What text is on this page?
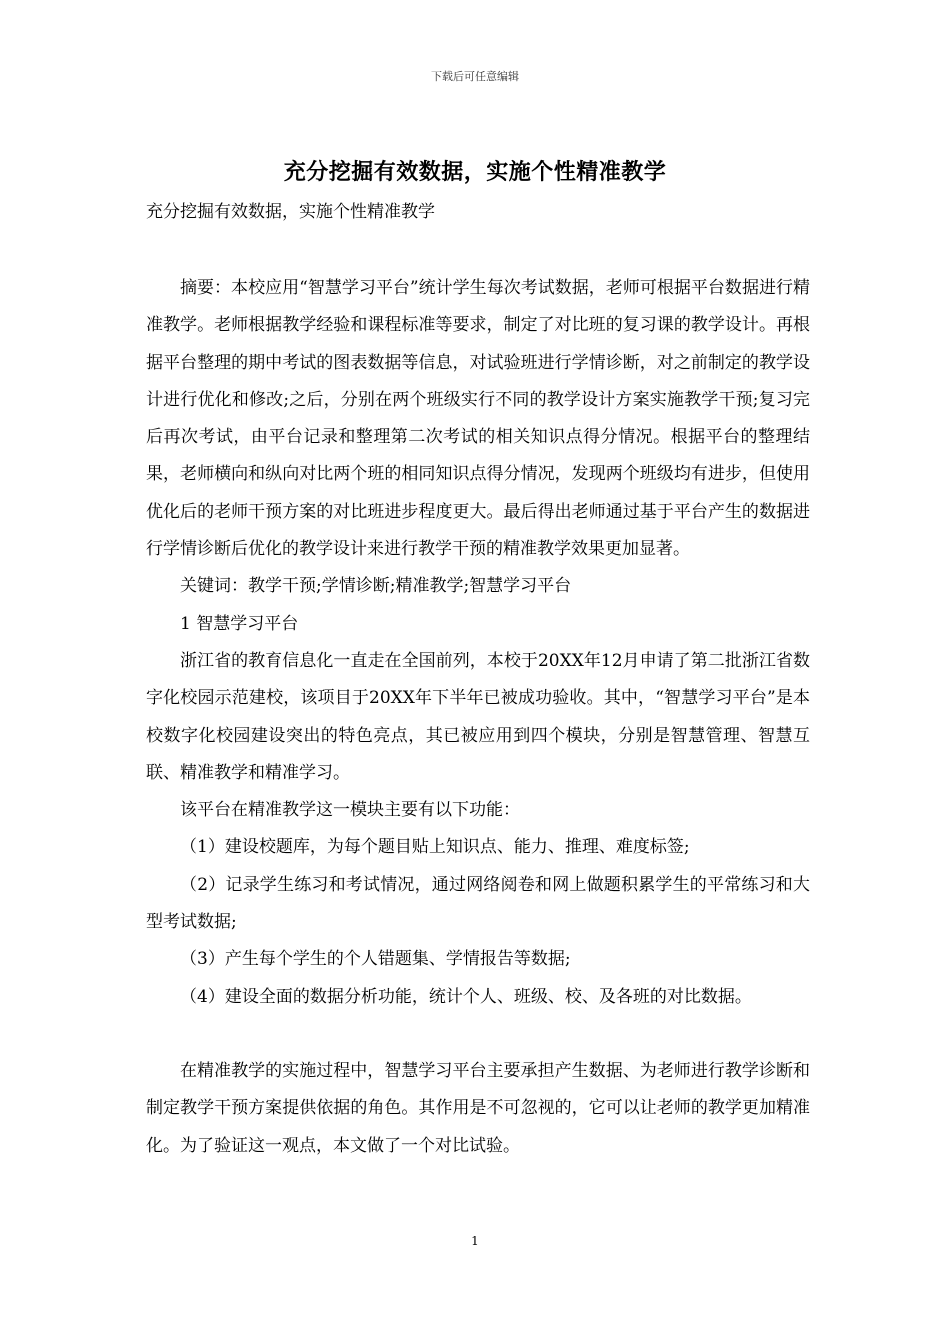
下载后可任意编辑
充分挖掘有效数据，实施个性精准教学
充分挖掘有效数据，实施个性精准教学

摘要：本校应用“智慧学习平台”统计学生每次考试数据，老师可根据平台数据进行精准教学。老师根据教学经验和课程标准等要求，制定了对比班的复习课的教学设计。再根据平台整理的期中考试的图表数据等信息，对试验班进行学情诊断，对之前制定的教学设计进行优化和修改;之后，分别在两个班级实行不同的教学设计方案实施教学干预;复习完后再次考试，由平台记录和整理第二次考试的相关知识点得分情况。根据平台的整理结果，老师横向和纵向对比两个班的相同知识点得分情况，发现两个班级均有进步，但使用优化后的老师干预方案的对比班进步程度更大。最后得出老师通过基于平台产生的数据进行学情诊断后优化的教学设计来进行教学干预的精准教学效果更加显著。

关键词：教学干预;学情诊断;精准教学;智慧学习平台

1 智慧学习平台

浙江省的教育信息化一直走在全国前列，本校于20XX年12月申请了第二批浙江省数字化校园示范建校，该项目于20XX年下半年已被成功验收。其中，“智慧学习平台”是本校数字化校园建设突出的特色亮点，其已被应用到四个模块，分别是智慧管理、智慧互联、精准教学和精准学习。

该平台在精准教学这一模块主要有以下功能：

（1）建设校题库，为每个题目贴上知识点、能力、推理、难度标签;

（2）记录学生练习和考试情况，通过网络阅卷和网上做题积累学生的平常练习和大型考试数据;

（3）产生每个学生的个人错题集、学情报告等数据;

（4）建设全面的数据分析功能，统计个人、班级、校、及各班的对比数据。

在精准教学的实施过程中，智慧学习平台主要承担产生数据、为老师进行教学诊断和制定教学干预方案提供依据的角色。其作用是不可忽视的，它可以让老师的教学更加精准化。为了验证这一观点，本文做了一个对比试验。

1
